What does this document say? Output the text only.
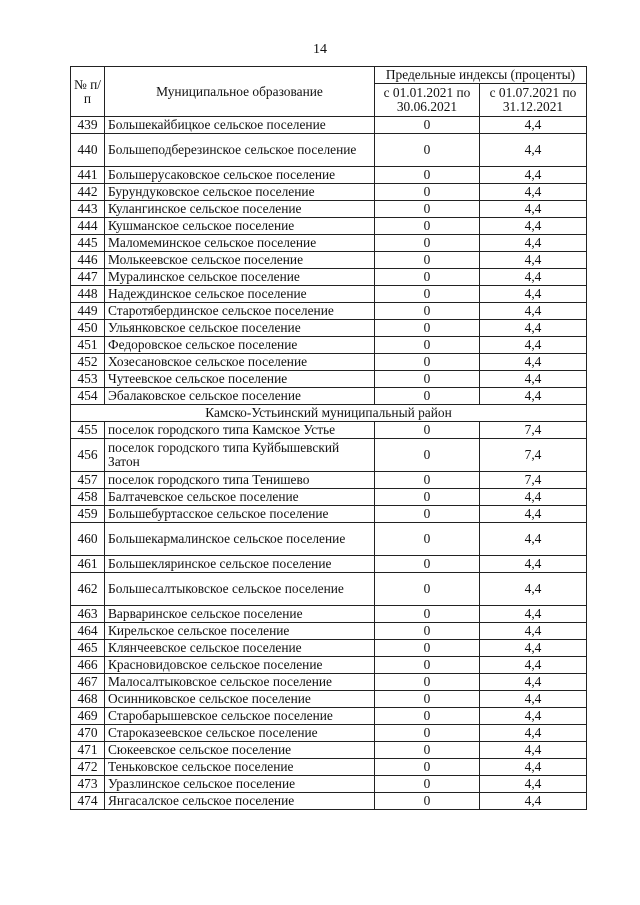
14
№ п/п	Муниципальное образование	Предельные индексы (проценты)	
		с 01.01.2021 по 30.06.2021	с 01.07.2021 по 31.12.2021
439	Большекайбицкое сельское поселение	0	4,4
440	Большеподберезинское сельское поселение	0	4,4
441	Большерусаковское сельское поселение	0	4,4
442	Бурундуковское сельское поселение	0	4,4
443	Кулангинское сельское поселение	0	4,4
444	Кушманское сельское поселение	0	4,4
445	Маломеминское сельское поселение	0	4,4
446	Молькеевское сельское поселение	0	4,4
447	Муралинское сельское поселение	0	4,4
448	Надеждинское сельское поселение	0	4,4
449	Старотябердинское сельское поселение	0	4,4
450	Ульянковское сельское поселение	0	4,4
451	Федоровское сельское поселение	0	4,4
452	Хозесановское сельское поселение	0	4,4
453	Чутеевское сельское поселение	0	4,4
454	Эбалаковское сельское поселение	0	4,4
Камско-Устьинский муниципальный район			
455	поселок городского типа Камское Устье	0	7,4
456	поселок городского типа Куйбышевский Затон	0	7,4
457	поселок городского типа Тенишево	0	7,4
458	Балтачевское сельское поселение	0	4,4
459	Большебуртасское сельское поселение	0	4,4
460	Большекармалинское сельское поселение	0	4,4
461	Большекляринское сельское поселение	0	4,4
462	Большесалтыковское сельское поселение	0	4,4
463	Варваринское сельское поселение	0	4,4
464	Кирельское сельское поселение	0	4,4
465	Клянчеевское сельское поселение	0	4,4
466	Красновидовское сельское поселение	0	4,4
467	Малосалтыковское сельское поселение	0	4,4
468	Осинниковское сельское поселение	0	4,4
469	Старобарышевское сельское поселение	0	4,4
470	Староказеевское сельское поселение	0	4,4
471	Сюкеевское сельское поселение	0	4,4
472	Теньковское сельское поселение	0	4,4
473	Уразлинское сельское поселение	0	4,4
474	Янгасалское сельское поселение	0	4,4
